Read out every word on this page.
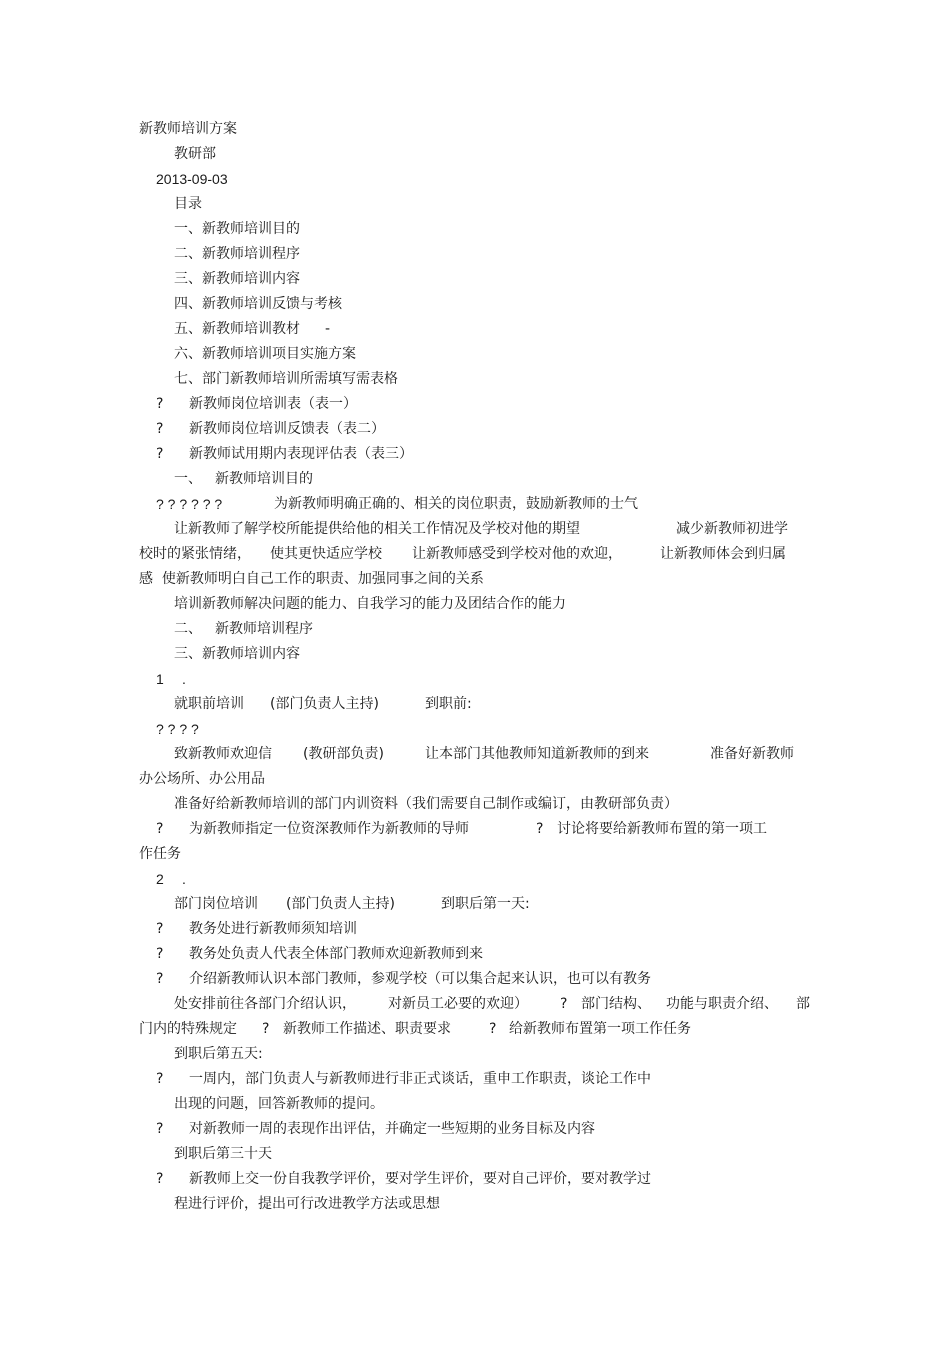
新教师培训方案
教研部
2013-09-03
目录
一、新教师培训目的
二、新教师培训程序
三、新教师培训内容
四、新教师培训反馈与考核
五、新教师培训教材 -
六、新教师培训项目实施方案
七、部门新教师培训所需填写需表格
? 新教师岗位培训表（表一）
? 新教师岗位培训反馈表（表二）
? 新教师试用期内表现评估表（表三）
一、 新教师培训目的
? ? ? ? ? ?	为新教师明确正确的、相关的岗位职责，鼓励新教师的士气
让新教师了解学校所能提供给他的相关工作情况及学校对他的期望	减少新教师初进学
校时的紧张情绪， 使其更快适应学校 让新教师感受到学校对他的欢迎，	让新教师体会到归属
感  使新教师明白自己工作的职责、加强同事之间的关系
培训新教师解决问题的能力、自我学习的能力及团结合作的能力
二、 新教师培训程序
三、新教师培训内容
1 .
就职前培训 (部门负责人主持)	到职前:
? ? ? ?
致新教师欢迎信 (教研部负责)	让本部门其他教师知道新教师的到来	准备好新教师
办公场所、办公用品
准备好给新教师培训的部门内训资料（我们需要自己制作或编订，由教研部负责）
? 为新教师指定一位资深教师作为新教师的导师	? 讨论将要给新教师布置的第一项工
作任务
2 .
部门岗位培训 (部门负责人主持)	到职后第一天:
? 教务处进行新教师须知培训
? 教务处负责人代表全体部门教师欢迎新教师到来
? 介绍新教师认识本部门教师，参观学校（可以集合起来认识，也可以有教务
处安排前往各部门介绍认识， 对新员工必要的欢迎） ? 部门结构、 功能与职责介绍、 部
门内的特殊规定 ? 新教师工作描述、职责要求	? 给新教师布置第一项工作任务
到职后第五天:
? 一周内，部门负责人与新教师进行非正式谈话，重申工作职责，谈论工作中
出现的问题，回答新教师的提问。
? 对新教师一周的表现作出评估，并确定一些短期的业务目标及内容
到职后第三十天
? 新教师上交一份自我教学评价，要对学生评价，要对自己评价，要对教学过
程进行评价，提出可行改进教学方法或思想
